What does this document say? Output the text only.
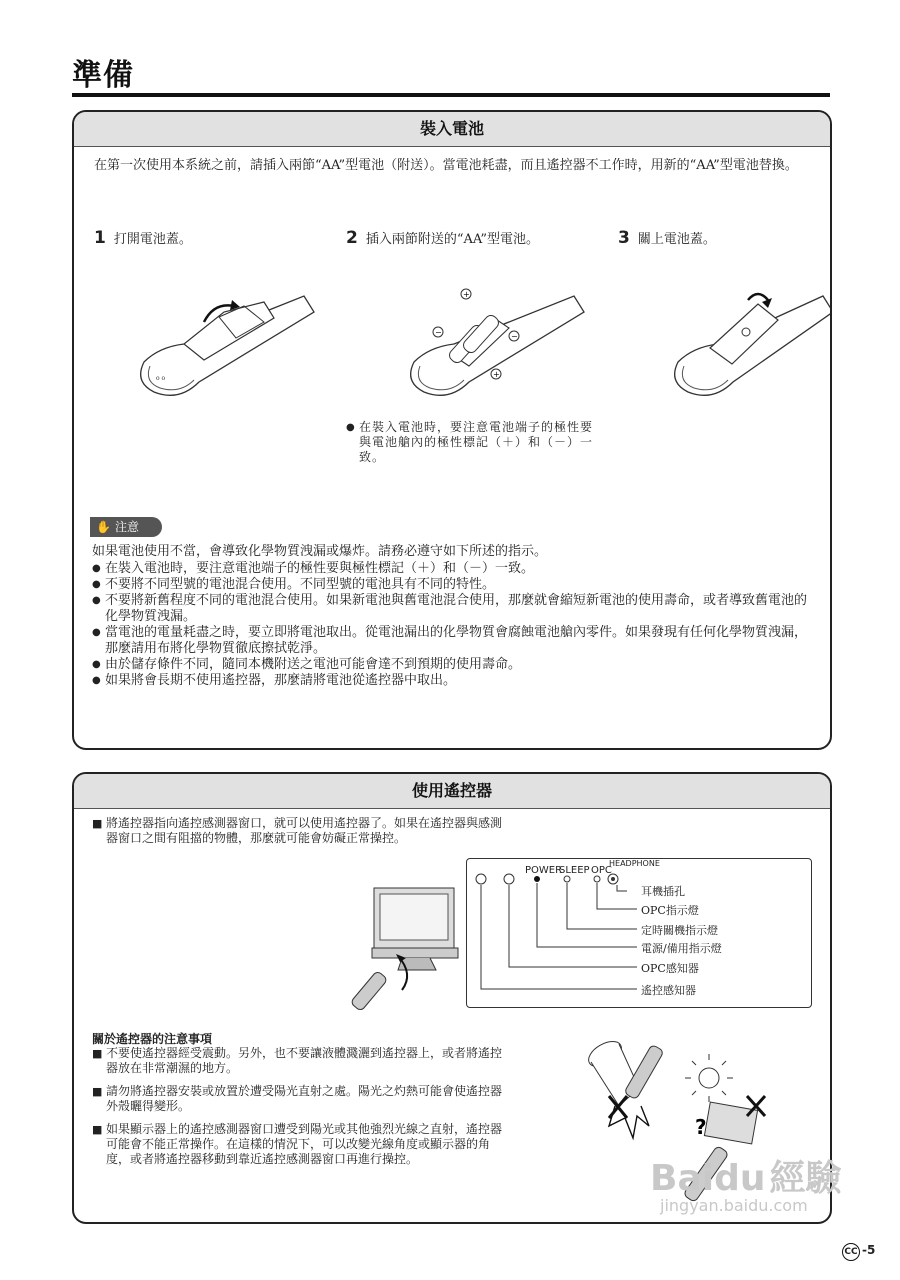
準備
裝入電池
在第一次使用本系統之前，請插入兩節“AA”型電池（附送）。當電池耗盡，而且遙控器不工作時，用新的“AA”型電池替換。
1 打開電池蓋。	2 插入兩節附送的“AA”型電池。	3 關上電池蓋。
o o
+
−	−
+
● 在裝入電池時，要注意電池端子的極性要與電池艙內的極性標記（＋）和（－）一致。
✋ 注意
如果電池使用不當，會導致化學物質洩漏或爆炸。請務必遵守如下所述的指示。
● 在裝入電池時，要注意電池端子的極性要與極性標記（＋）和（－）一致。
● 不要將不同型號的電池混合使用。不同型號的電池具有不同的特性。
● 不要將新舊程度不同的電池混合使用。如果新電池與舊電池混合使用，那麼就會縮短新電池的使用壽命，或者導致舊電池的化學物質洩漏。
● 當電池的電量耗盡之時，要立即將電池取出。從電池漏出的化學物質會腐蝕電池艙內零件。如果發現有任何化學物質洩漏，那麼請用布將化學物質徹底擦拭乾淨。
● 由於儲存條件不同，隨同本機附送之電池可能會達不到預期的使用壽命。
● 如果將會長期不使用遙控器，那麼請將電池從遙控器中取出。
使用遙控器
■ 將遙控器指向遙控感測器窗口，就可以使用遙控器了。如果在遙控器與感測器窗口之間有阻擋的物體，那麼就可能會妨礙正常操控。
POWER
SLEEP OPC
HEADPHONE
耳機插孔
OPC指示燈
定時關機指示燈
電源/備用指示燈
OPC感知器
遙控感知器
關於遙控器的注意事項
■ 不要使遙控器經受震動。另外，也不要讓液體濺灑到遙控器上，或者將遙控器放在非常潮濕的地方。
■ 請勿將遙控器安裝或放置於遭受陽光直射之處。陽光之灼熱可能會使遙控器外殼曬得變形。
■ 如果顯示器上的遙控感測器窗口遭受到陽光或其他強烈光線之直射，遙控器可能會不能正常操作。在這樣的情況下，可以改變光線角度或顯示器的角度，或者將遙控器移動到靠近遙控感測器窗口再進行操控。
?
Baidu 經驗
jingyan.baidu.com
CC -5
